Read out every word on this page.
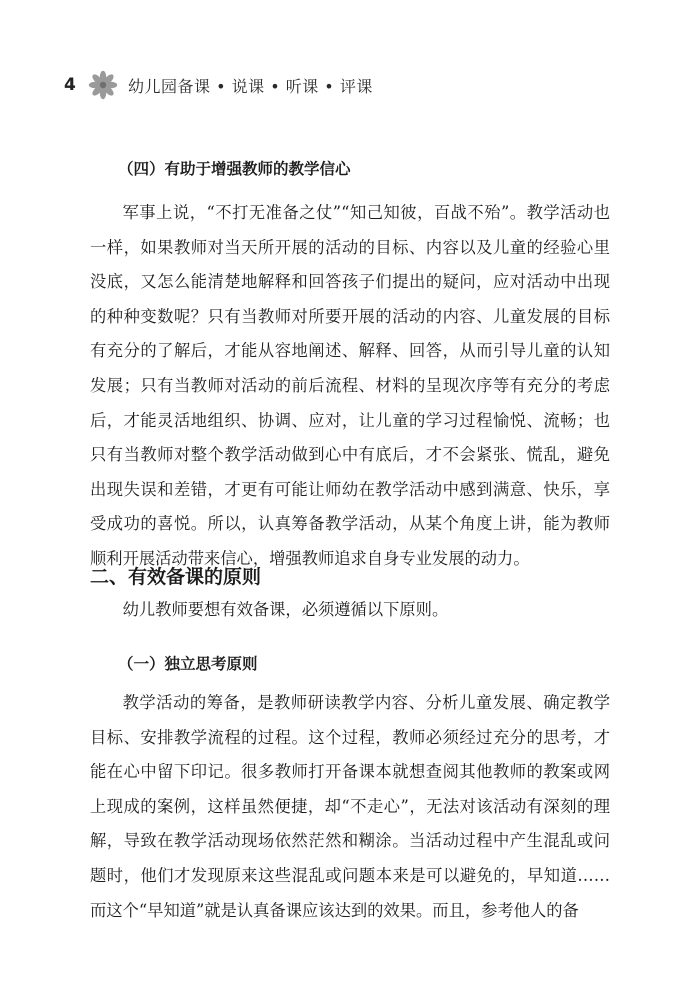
4	幼儿园备课 • 说课 • 听课 • 评课
（四）有助于增强教师的教学信心

军事上说，“不打无准备之仗”“知己知彼，百战不殆”。教学活动也一样，如果教师对当天所开展的活动的目标、内容以及儿童的经验心里没底，又怎么能清楚地解释和回答孩子们提出的疑问，应对活动中出现的种种变数呢？只有当教师对所要开展的活动的内容、儿童发展的目标有充分的了解后，才能从容地阐述、解释、回答，从而引导儿童的认知发展；只有当教师对活动的前后流程、材料的呈现次序等有充分的考虑后，才能灵活地组织、协调、应对，让儿童的学习过程愉悦、流畅；也只有当教师对整个教学活动做到心中有底后，才不会紧张、慌乱，避免出现失误和差错，才更有可能让师幼在教学活动中感到满意、快乐，享受成功的喜悦。所以，认真筹备教学活动，从某个角度上讲，能为教师顺利开展活动带来信心，增强教师追求自身专业发展的动力。

二、有效备课的原则

幼儿教师要想有效备课，必须遵循以下原则。

（一）独立思考原则

教学活动的筹备，是教师研读教学内容、分析儿童发展、确定教学目标、安排教学流程的过程。这个过程，教师必须经过充分的思考，才能在心中留下印记。很多教师打开备课本就想查阅其他教师的教案或网上现成的案例，这样虽然便捷，却“不走心”，无法对该活动有深刻的理解，导致在教学活动现场依然茫然和糊涂。当活动过程中产生混乱或问题时，他们才发现原来这些混乱或问题本来是可以避免的，早知道……而这个“早知道”就是认真备课应该达到的效果。而且，参考他人的备
